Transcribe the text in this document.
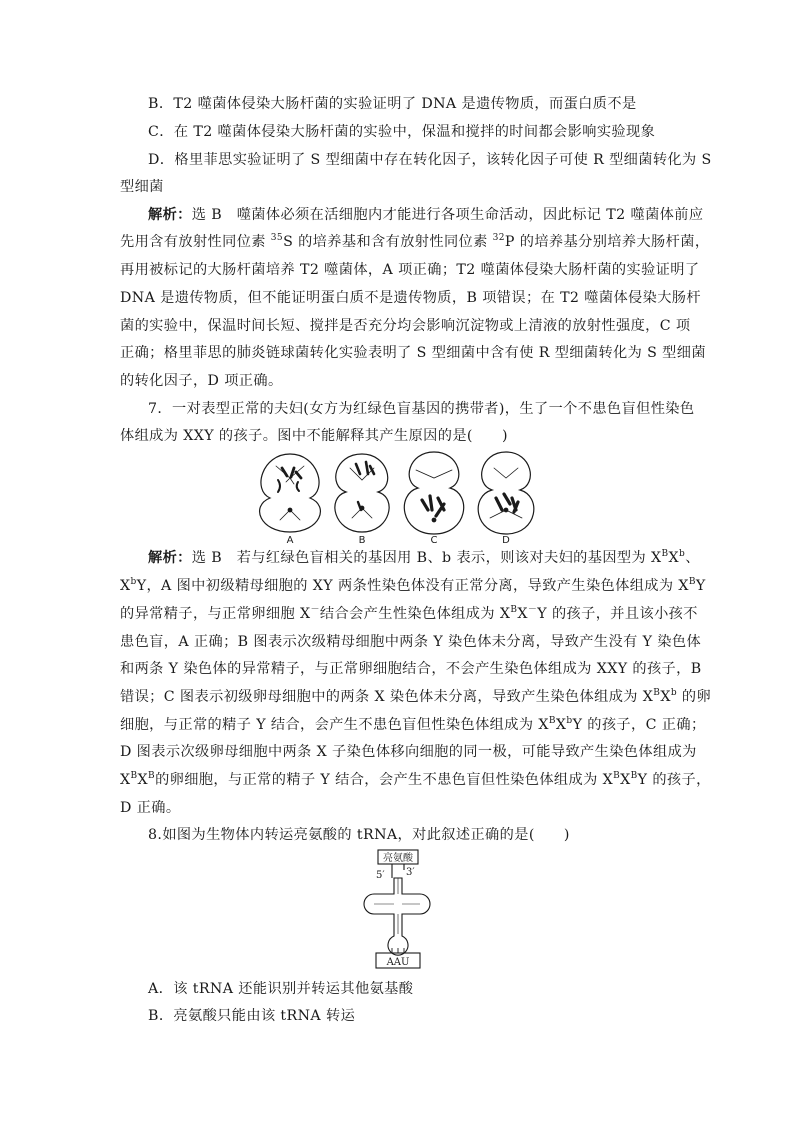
B．T2 噬菌体侵染大肠杆菌的实验证明了 DNA 是遗传物质，而蛋白质不是
C．在 T2 噬菌体侵染大肠杆菌的实验中，保温和搅拌的时间都会影响实验现象
D．格里菲思实验证明了 S 型细菌中存在转化因子，该转化因子可使 R 型细菌转化为 S
型细菌
解析：选 B　 噬菌体必须在活细胞内才能进行各项生命活动，因此标记 T2 噬菌体前应
先用含有放射性同位素 $^{35}$S 的培养基和含有放射性同位素 $^{32}$P 的培养基分别培养大肠杆菌，
再用被标记的大肠杆菌培养 T2 噬菌体，A 项正确；T2 噬菌体侵染大肠杆菌的实验证明了
DNA 是遗传物质，但不能证明蛋白质不是遗传物质，B 项错误；在 T2 噬菌体侵染大肠杆
菌的实验中，保温时间长短、搅拌是否充分均会影响沉淀物或上清液的放射性强度，C 项
正确；格里菲思的肺炎链球菌转化实验表明了 S 型细菌中含有使 R 型细菌转化为 S 型细菌
的转化因子，D 项正确。
7．一对表型正常的夫妇(女方为红绿色盲基因的携带者)，生了一个不患色盲但性染色
体组成为 XXY 的孩子。图中不能解释其产生原因的是(　　)
A	B	C	D
解析：选 B　 若与红绿色盲相关的基因用 B、b 表示，则该对夫妇的基因型为 $X^BX^b$、
$X^bY$，A 图中初级精母细胞的 XY 两条性染色体没有正常分离，导致产生染色体组成为 $X^BY$
的异常精子，与正常卵细胞 X－结合会产生性染色体组成为 $X^BX^-Y$ 的孩子，并且该小孩不
患色盲，A 正确；B 图表示次级精母细胞中两条 Y 染色体未分离，导致产生没有 Y 染色体
和两条 Y 染色体的异常精子，与正常卵细胞结合，不会产生染色体组成为 XXY 的孩子，B
错误；C 图表示初级卵母细胞中的两条 X 染色体未分离，导致产生染色体组成为 $X^BX^b$ 的卵
细胞，与正常的精子 Y 结合，会产生不患色盲但性染色体组成为 $X^BX^bY$ 的孩子，C 正确；
D 图表示次级卵母细胞中两条 X 子染色体移向细胞的同一极，可能导致产生染色体组成为
$X^BX^B$的卵细胞，与正常的精子 Y 结合，会产生不患色盲但性染色体组成为 $X^BX^BY$ 的孩子，
D 正确。
8.如图为生物体内转运亮氨酸的 tRNA，对此叙述正确的是(　　)
亮氨酸
5′ 3′
AAU
A．该 tRNA 还能识别并转运其他氨基酸
B．亮氨酸只能由该 tRNA 转运
